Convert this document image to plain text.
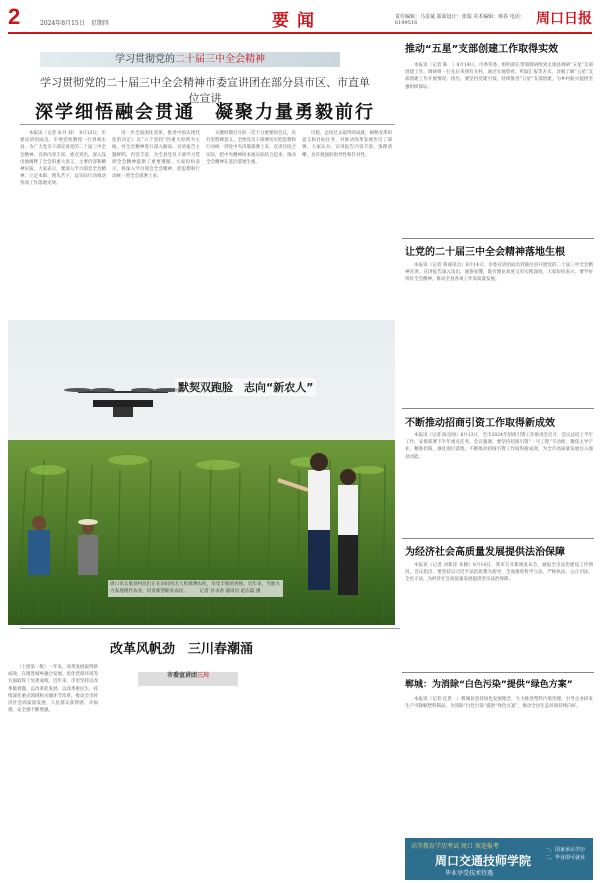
2	2024年8月15日　星期四	要闻	责任编辑：马雷斌 版面设计：张瑞 美术编辑：韩春 电话：6199516	周口日报
学习贯彻党的二十届三中全会精神
学习贯彻党的二十届三中全会精神市委宣讲团在部分县市区、市直单位宣讲
深学细悟融会贯通　凝聚力量勇毅前行
本报讯（记者 朱丹 刘）　8月13日，市委宣讲团成员、市委党校教授一行到商水县，为广大党员干部宣讲党的二十届三中全会精神。宣讲内容丰富、重点突出，深入浅出地阐释了全会的重大意义、主要内容和精神实质。大家表示，要深入学习领会全会精神，立足本职、埋头苦干，以实际行动推动各项工作落地见效。
进一步全面深化改革，推进中国式现代化的决定》以“六个坚持”的重大原则为主线，对全会精神进行深入解读。宣讲报告主题鲜明，内容丰富，为全县党员干部学习贯彻全会精神提供了重要遵循。大家纷纷表示，将深入学习领会全会精神，把思想和行动统一到全会部署上来。
关键时期召开的一次十分重要的会议，具有里程碑意义。全体党员干部要切实把思想和行动统一到党中央决策部署上来。宣讲还结合实际，把中央精神同本地实际结合起来，推动全会精神在基层落地生根。
历程，总结过去取得的成就，阐释改革的意义和目标任务，对推动改革发展作出了部署。大家认为，宣讲报告内容丰富、条理清晰，具有很强的指导性和针对性。
默契双跑脸　志向“新农人”
周口市太康县村民们正在田间用无人机喷洒农药，享受丰收的喜悦。近年来，当地大力发展现代农业，培育新型职业农民。　　　记者 付永春 通讯员 赵志磊 摄
改革风帆劲　三川春潮涌
市委宣讲团三川
（上接第一版）一年来，改革发展取得新成效，在推进城乡融合发展、优化营商环境等方面取得了显著成绩。近年来，市里坚持以改革破难题、以改革促发展、以改革惠民生，持续深化重点领域和关键环节改革，推动全市经济社会高质量发展，人民群众获得感、幸福感、安全感不断增强。
推动“五星”支部创建工作取得实效
本报讯（记者 陈　）8月14日，市委常委、组织部长带领调研组到太康县调研“五星”支部创建工作。调研组一行先后来到有关村，通过实地察看、听取汇报等方式，详细了解“五星”支部创建工作开展情况。指出，要坚持党建引领，持续推进“五星”支部创建，为乡村振兴提供坚强组织保证。
让党的二十届三中全会精神落地生根
本报讯（记者 鲁通讯员）8月14日，市委宣讲团成员到鹿邑县开展党的二十届三中全会精神宣讲。宣讲报告深入浅出，通俗易懂，既有理论高度又有实践深度。大家纷纷表示，要学好用好全会精神，推动全县各项工作高质量发展。
不断推动招商引资工作取得新成效
本报讯（记者 陈良闻）8月13日，全市2024年招商引资工作推进会召开。会议总结上半年工作，安排部署下半年重点任务。会议强调，要坚持招商引资“一号工程”不动摇，聚焦主导产业，精准招商，强化项目落地，不断推动招商引资工作取得新成效，为全市高质量发展注入强劲动能。
为经济社会高质量发展提供法治保障
本报讯（记者 刘新泽 朱阔）8月14日，我市召开新闻发布会，通报全市法治建设工作情况。会议指出，要坚持以习近平法治思想为指导，全面推进科学立法、严格执法、公正司法、全民守法，为经济社会高质量发展提供坚实法治保障。
郸城：为消除“白色污染”提供“绿色方案”
本报讯（记者 任贵　）郸城县坚持绿色发展理念，大力推进塑料污染治理，引导企业研发生产可降解塑料制品，为消除“白色污染”提供“绿色方案”，推动全县生态环境持续向好。
高等教育学历考试 周口 欢迎报考
周口交通技师学院
毕业享受技术待遇
一、国家承认学历　二、毕业即可就业
